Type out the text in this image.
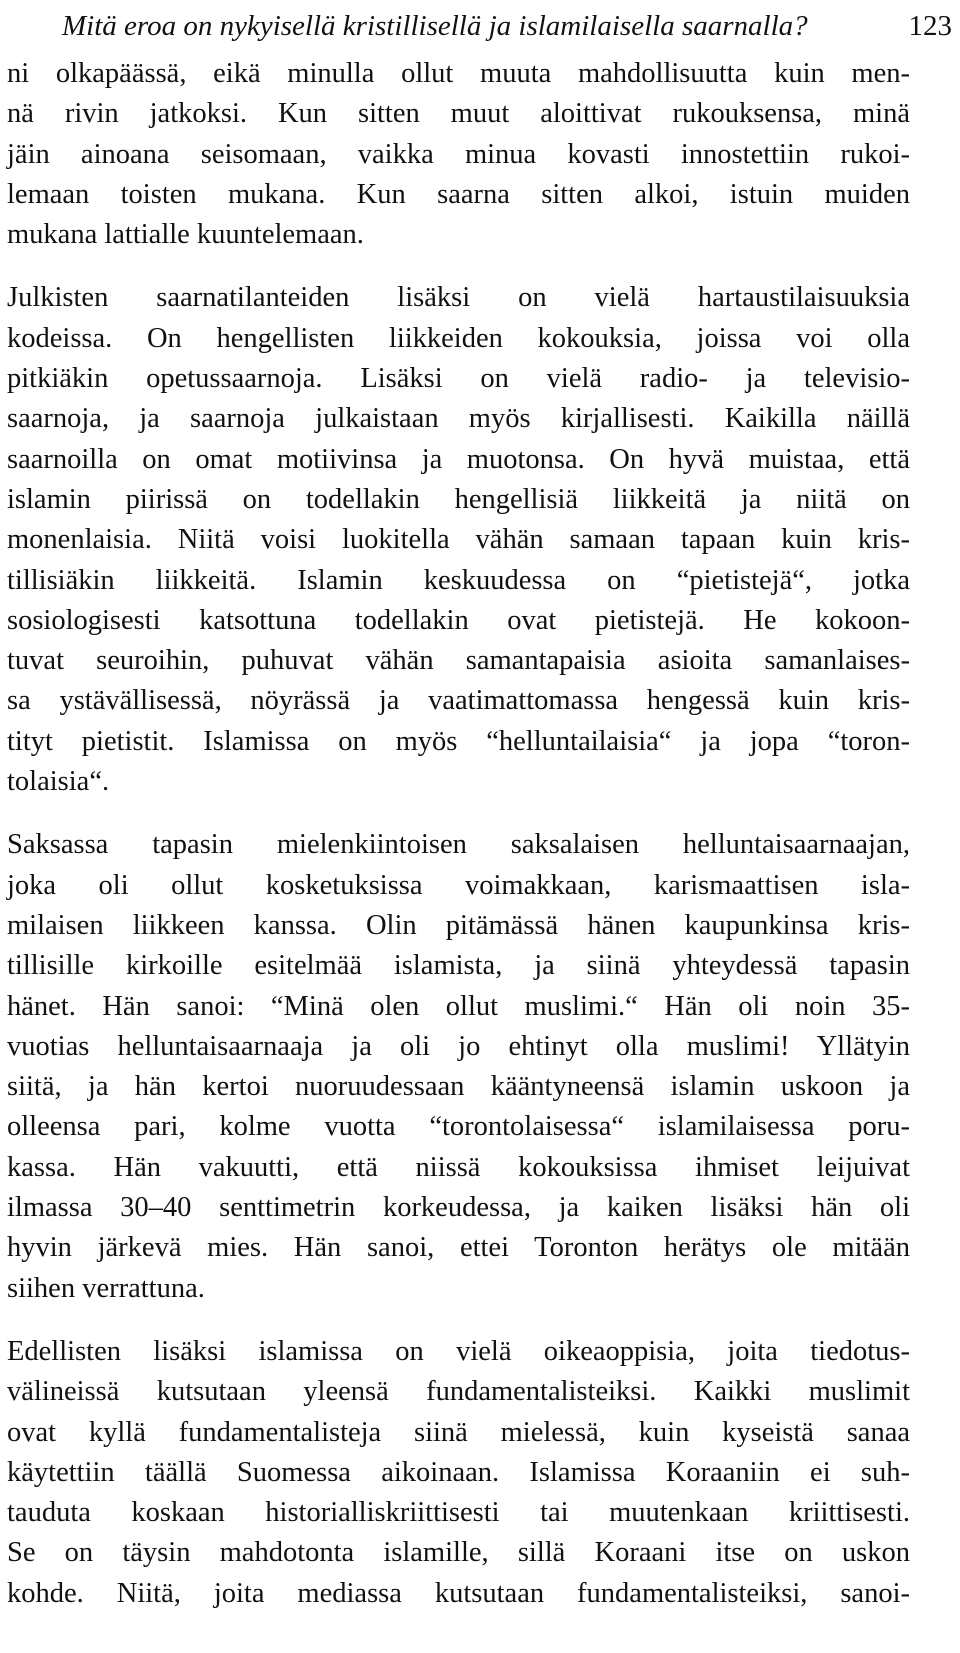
Mitä eroa on nykyisellä kristillisellä ja islamilaisella saarnalla?	123
ni olkapäässä, eikä minulla ollut muuta mahdollisuutta kuin men-
nä rivin jatkoksi. Kun sitten muut aloittivat rukouksensa, minä
jäin ainoana seisomaan, vaikka minua kovasti innostettiin rukoi-
lemaan toisten mukana. Kun saarna sitten alkoi, istuin muiden
mukana lattialle kuuntelemaan.
Julkisten saarnatilanteiden lisäksi on vielä hartaustilaisuuksia
kodeissa. On hengellisten liikkeiden kokouksia, joissa voi olla
pitkiäkin opetussaarnoja. Lisäksi on vielä radio- ja televisio-
saarnoja, ja saarnoja julkaistaan myös kirjallisesti. Kaikilla näillä
saarnoilla on omat motiivinsa ja muotonsa. On hyvä muistaa, että
islamin piirissä on todellakin hengellisiä liikkeitä ja niitä on
monenlaisia. Niitä voisi luokitella vähän samaan tapaan kuin kris-
tillisiäkin liikkeitä. Islamin keskuudessa on “pietistejä“, jotka
sosiologisesti katsottuna todellakin ovat pietistejä. He kokoon-
tuvat seuroihin, puhuvat vähän samantapaisia asioita samanlaises-
sa ystävällisessä, nöyrässä ja vaatimattomassa hengessä kuin kris-
tityt pietistit. Islamissa on myös “helluntailaisia“ ja jopa “toron-
tolaisia“.
Saksassa tapasin mielenkiintoisen saksalaisen helluntaisaarnaajan,
joka oli ollut kosketuksissa voimakkaan, karismaattisen isla-
milaisen liikkeen kanssa. Olin pitämässä hänen kaupunkinsa kris-
tillisille kirkoille esitelmää islamista, ja siinä yhteydessä tapasin
hänet. Hän sanoi: “Minä olen ollut muslimi.“ Hän oli noin 35-
vuotias helluntaisaarnaaja ja oli jo ehtinyt olla muslimi! Yllätyin
siitä, ja hän kertoi nuoruudessaan kääntyneensä islamin uskoon ja
olleensa pari, kolme vuotta “torontolaisessa“ islamilaisessa poru-
kassa. Hän vakuutti, että niissä kokouksissa ihmiset leijuivat
ilmassa 30–40 senttimetrin korkeudessa, ja kaiken lisäksi hän oli
hyvin järkevä mies. Hän sanoi, ettei Toronton herätys ole mitään
siihen verrattuna.
Edellisten lisäksi islamissa on vielä oikeaoppisia, joita tiedotus-
välineissä kutsutaan yleensä fundamentalisteiksi. Kaikki muslimit
ovat kyllä fundamentalisteja siinä mielessä, kuin kyseistä sanaa
käytettiin täällä Suomessa aikoinaan. Islamissa Koraaniin ei suh-
tauduta koskaan historialliskriittisesti tai muutenkaan kriittisesti.
Se on täysin mahdotonta islamille, sillä Koraani itse on uskon
kohde. Niitä, joita mediassa kutsutaan fundamentalisteiksi, sanoi-
